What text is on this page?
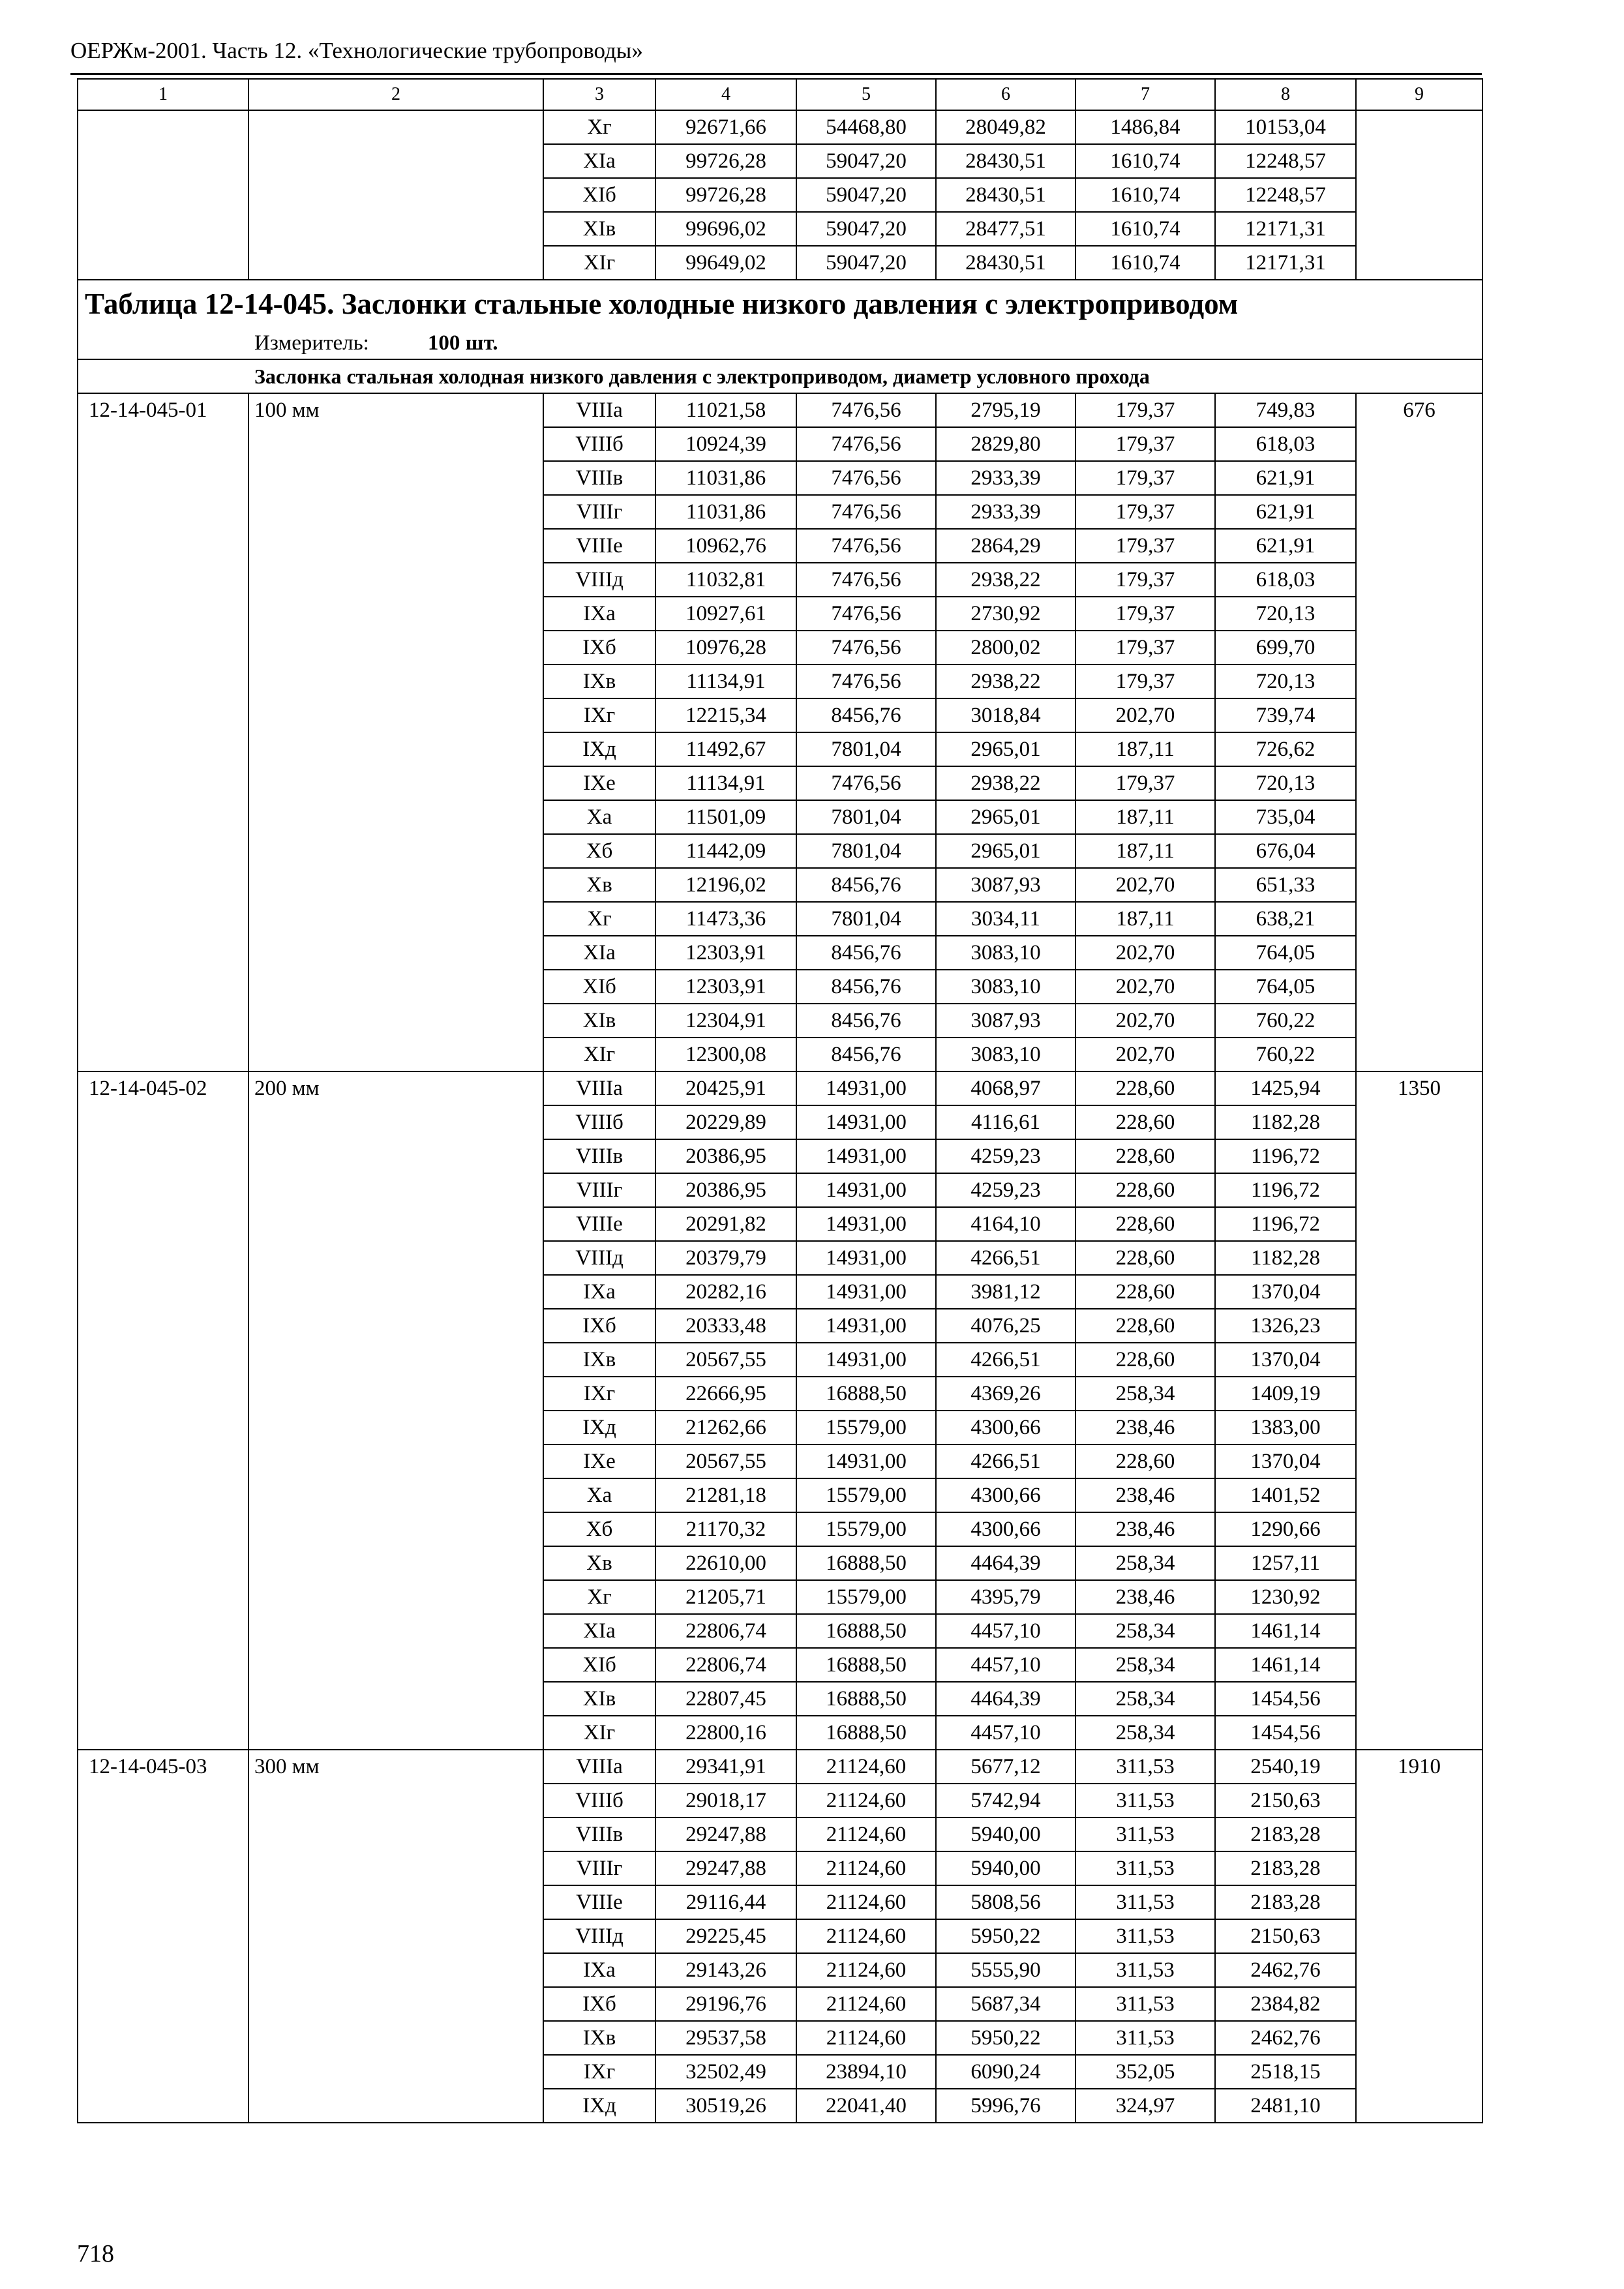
ОЕРЖм-2001. Часть 12. «Технологические трубопроводы»
1	2	3	4	5	6	7	8	9
		Xг	92671,66	54468,80	28049,82	1486,84	10153,04	
		XIa	99726,28	59047,20	28430,51	1610,74	12248,57	
		XIб	99726,28	59047,20	28430,51	1610,74	12248,57	
		XIв	99696,02	59047,20	28477,51	1610,74	12171,31	
		XIг	99649,02	59047,20	28430,51	1610,74	12171,31	
Таблица 12-14-045. Заслонки стальные холодные низкого давления с электроприводом								
Измеритель: 100 шт.								
Заслонка стальная холодная низкого давления с электроприводом, диаметр условного прохода								
12-14-045-01	100 мм	VIIIa	11021,58	7476,56	2795,19	179,37	749,83	676
		VIIIб	10924,39	7476,56	2829,80	179,37	618,03	
		VIIIв	11031,86	7476,56	2933,39	179,37	621,91	
		VIIIг	11031,86	7476,56	2933,39	179,37	621,91	
		VIIIе	10962,76	7476,56	2864,29	179,37	621,91	
		VIIIд	11032,81	7476,56	2938,22	179,37	618,03	
		IXa	10927,61	7476,56	2730,92	179,37	720,13	
		IXб	10976,28	7476,56	2800,02	179,37	699,70	
		IXв	11134,91	7476,56	2938,22	179,37	720,13	
		IXг	12215,34	8456,76	3018,84	202,70	739,74	
		IXд	11492,67	7801,04	2965,01	187,11	726,62	
		IXе	11134,91	7476,56	2938,22	179,37	720,13	
		Xa	11501,09	7801,04	2965,01	187,11	735,04	
		Xб	11442,09	7801,04	2965,01	187,11	676,04	
		Xв	12196,02	8456,76	3087,93	202,70	651,33	
		Xг	11473,36	7801,04	3034,11	187,11	638,21	
		XIa	12303,91	8456,76	3083,10	202,70	764,05	
		XIб	12303,91	8456,76	3083,10	202,70	764,05	
		XIв	12304,91	8456,76	3087,93	202,70	760,22	
		XIг	12300,08	8456,76	3083,10	202,70	760,22	
12-14-045-02	200 мм	VIIIa	20425,91	14931,00	4068,97	228,60	1425,94	1350
		VIIIб	20229,89	14931,00	4116,61	228,60	1182,28	
		VIIIв	20386,95	14931,00	4259,23	228,60	1196,72	
		VIIIг	20386,95	14931,00	4259,23	228,60	1196,72	
		VIIIе	20291,82	14931,00	4164,10	228,60	1196,72	
		VIIIд	20379,79	14931,00	4266,51	228,60	1182,28	
		IXa	20282,16	14931,00	3981,12	228,60	1370,04	
		IXб	20333,48	14931,00	4076,25	228,60	1326,23	
		IXв	20567,55	14931,00	4266,51	228,60	1370,04	
		IXг	22666,95	16888,50	4369,26	258,34	1409,19	
		IXд	21262,66	15579,00	4300,66	238,46	1383,00	
		IXе	20567,55	14931,00	4266,51	228,60	1370,04	
		Xa	21281,18	15579,00	4300,66	238,46	1401,52	
		Xб	21170,32	15579,00	4300,66	238,46	1290,66	
		Xв	22610,00	16888,50	4464,39	258,34	1257,11	
		Xг	21205,71	15579,00	4395,79	238,46	1230,92	
		XIa	22806,74	16888,50	4457,10	258,34	1461,14	
		XIб	22806,74	16888,50	4457,10	258,34	1461,14	
		XIв	22807,45	16888,50	4464,39	258,34	1454,56	
		XIг	22800,16	16888,50	4457,10	258,34	1454,56	
12-14-045-03	300 мм	VIIIa	29341,91	21124,60	5677,12	311,53	2540,19	1910
		VIIIб	29018,17	21124,60	5742,94	311,53	2150,63	
		VIIIв	29247,88	21124,60	5940,00	311,53	2183,28	
		VIIIг	29247,88	21124,60	5940,00	311,53	2183,28	
		VIIIе	29116,44	21124,60	5808,56	311,53	2183,28	
		VIIIд	29225,45	21124,60	5950,22	311,53	2150,63	
		IXa	29143,26	21124,60	5555,90	311,53	2462,76	
		IXб	29196,76	21124,60	5687,34	311,53	2384,82	
		IXв	29537,58	21124,60	5950,22	311,53	2462,76	
		IXг	32502,49	23894,10	6090,24	352,05	2518,15	
		IXд	30519,26	22041,40	5996,76	324,97	2481,10	
718
